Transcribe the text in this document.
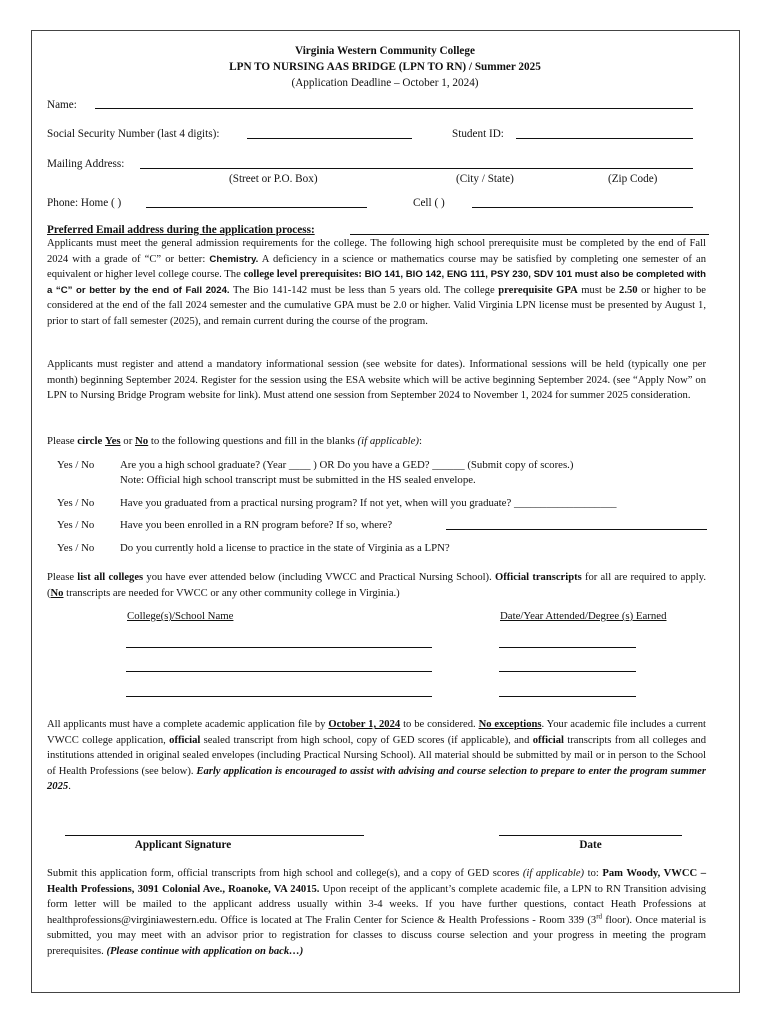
Virginia Western Community College
LPN TO NURSING AAS BRIDGE (LPN TO RN) / Summer 2025
(Application Deadline – October 1, 2024)
Name:
Social Security Number (last 4 digits):	Student ID:
Mailing Address:
(Street or P.O. Box)	(City / State)	(Zip Code)
Phone: Home ( )	Cell ( )
Preferred Email address during the application process:
Applicants must meet the general admission requirements for the college. The following high school prerequisite must be completed by the end of Fall 2024 with a grade of “C” or better: Chemistry. A deficiency in a science or mathematics course may be satisfied by completing one semester of an equivalent or higher level college course. The college level prerequisites: BIO 141, BIO 142, ENG 111, PSY 230, SDV 101 must also be completed with a “C” or better by the end of Fall 2024. The Bio 141-142 must be less than 5 years old. The college prerequisite GPA must be 2.50 or higher to be considered at the end of the fall 2024 semester and the cumulative GPA must be 2.0 or higher. Valid Virginia LPN license must be presented by August 1, prior to start of fall semester (2025), and remain current during the course of the program.
Applicants must register and attend a mandatory informational session (see website for dates). Informational sessions will be held (typically one per month) beginning September 2024. Register for the session using the ESA website which will be active beginning September 2024. (see “Apply Now” on LPN to Nursing Bridge Program website for link). Must attend one session from September 2024 to November 1, 2024 for summer 2025 consideration.
Please circle Yes or No to the following questions and fill in the blanks (if applicable):
Yes / No Are you a high school graduate? (Year ____ ) OR Do you have a GED? ______ (Submit copy of scores.)
Note: Official high school transcript must be submitted in the HS sealed envelope.
Yes / No Have you graduated from a practical nursing program? If not yet, when will you graduate? ___________________
Yes / No Have you been enrolled in a RN program before? If so, where?
Yes / No Do you currently hold a license to practice in the state of Virginia as a LPN?
Please list all colleges you have ever attended below (including VWCC and Practical Nursing School). Official transcripts for all are required to apply. (No transcripts are needed for VWCC or any other community college in Virginia.)
College(s)/School Name	Date/Year Attended/Degree (s) Earned
All applicants must have a complete academic application file by October 1, 2024 to be considered. No exceptions. Your academic file includes a current VWCC college application, official sealed transcript from high school, copy of GED scores (if applicable), and official transcripts from all colleges and institutions attended in original sealed envelopes (including Practical Nursing School). All material should be submitted by mail or in person to the School of Health Professions (see below). Early application is encouraged to assist with advising and course selection to prepare to enter the program summer 2025.
Applicant Signature	Date
Submit this application form, official transcripts from high school and college(s), and a copy of GED scores (if applicable) to: Pam Woody, VWCC – Health Professions, 3091 Colonial Ave., Roanoke, VA 24015. Upon receipt of the applicant’s complete academic file, a LPN to RN Transition advising form letter will be mailed to the applicant address usually within 3-4 weeks. If you have further questions, contact Heath Professions at healthprofessions@virginiawestern.edu. Office is located at The Fralin Center for Science & Health Professions - Room 339 (3rd floor). Once material is submitted, you may meet with an advisor prior to registration for classes to discuss course selection and your progress in meeting the program prerequisites. (Please continue with application on back…)
